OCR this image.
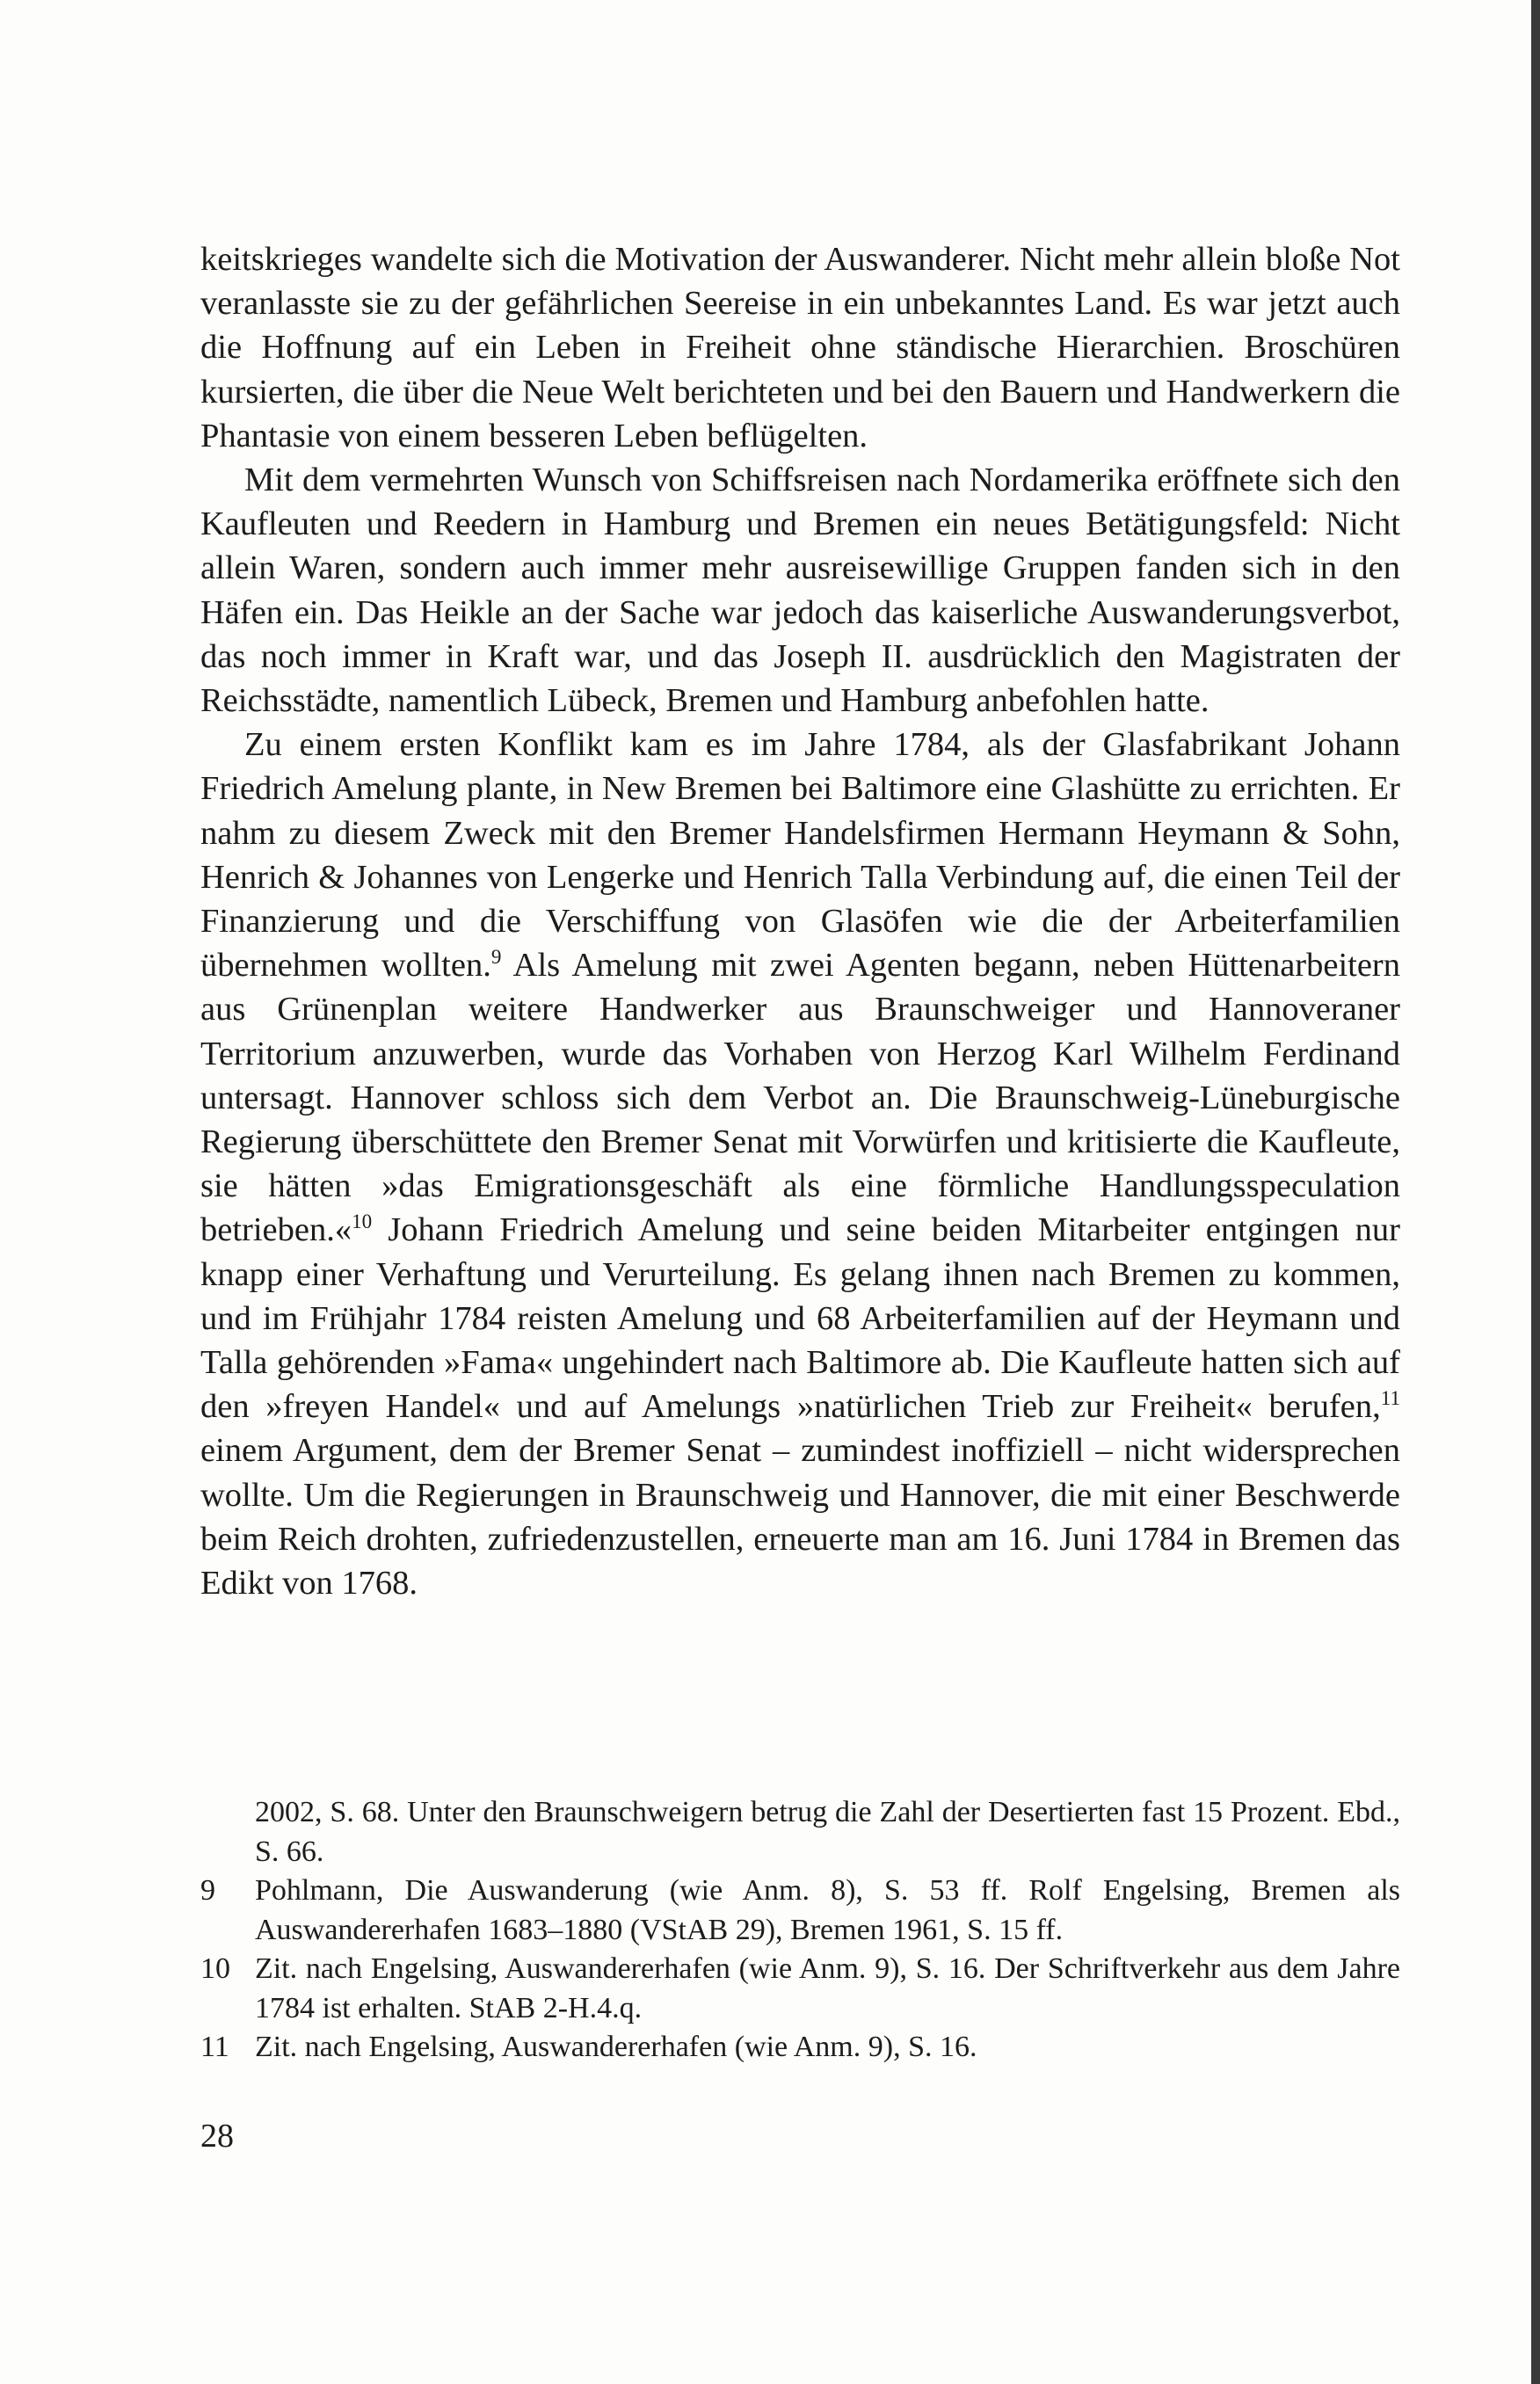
keitskrieges wandelte sich die Motivation der Auswanderer. Nicht mehr allein bloße Not veranlasste sie zu der gefährlichen Seereise in ein unbekanntes Land. Es war jetzt auch die Hoffnung auf ein Leben in Freiheit ohne ständische Hierarchien. Broschüren kursierten, die über die Neue Welt berichteten und bei den Bauern und Handwerkern die Phantasie von einem besseren Leben beflügelten.

Mit dem vermehrten Wunsch von Schiffsreisen nach Nordamerika eröffnete sich den Kaufleuten und Reedern in Hamburg und Bremen ein neues Betätigungsfeld: Nicht allein Waren, sondern auch immer mehr ausreisewillige Gruppen fanden sich in den Häfen ein. Das Heikle an der Sache war jedoch das kaiserliche Auswanderungsverbot, das noch immer in Kraft war, und das Joseph II. ausdrücklich den Magistraten der Reichsstädte, namentlich Lübeck, Bremen und Hamburg anbefohlen hatte.

Zu einem ersten Konflikt kam es im Jahre 1784, als der Glasfabrikant Johann Friedrich Amelung plante, in New Bremen bei Baltimore eine Glashütte zu errichten. Er nahm zu diesem Zweck mit den Bremer Handelsfirmen Hermann Heymann & Sohn, Henrich & Johannes von Lengerke und Henrich Talla Verbindung auf, die einen Teil der Finanzierung und die Verschiffung von Glasöfen wie die der Arbeiterfamilien übernehmen wollten.$^9$ Als Amelung mit zwei Agenten begann, neben Hüttenarbeitern aus Grünenplan weitere Handwerker aus Braunschweiger und Hannoveraner Territorium anzuwerben, wurde das Vorhaben von Herzog Karl Wilhelm Ferdinand untersagt. Hannover schloss sich dem Verbot an. Die Braunschweig-Lüneburgische Regierung überschüttete den Bremer Senat mit Vorwürfen und kritisierte die Kaufleute, sie hätten »das Emigrationsgeschäft als eine förmliche Handlungsspeculation betrieben.«$^{10}$ Johann Friedrich Amelung und seine beiden Mitarbeiter entgingen nur knapp einer Verhaftung und Verurteilung. Es gelang ihnen nach Bremen zu kommen, und im Frühjahr 1784 reisten Amelung und 68 Arbeiterfamilien auf der Heymann und Talla gehörenden »Fama« ungehindert nach Baltimore ab. Die Kaufleute hatten sich auf den »freyen Handel« und auf Amelungs »natürlichen Trieb zur Freiheit« berufen,$^{11}$ einem Argument, dem der Bremer Senat – zumindest inoffiziell – nicht widersprechen wollte. Um die Regierungen in Braunschweig und Hannover, die mit einer Beschwerde beim Reich drohten, zufriedenzustellen, erneuerte man am 16. Juni 1784 in Bremen das Edikt von 1768.

2002, S. 68. Unter den Braunschweigern betrug die Zahl der Desertierten fast 15 Prozent. Ebd., S. 66.
9	Pohlmann, Die Auswanderung (wie Anm. 8), S. 53 ff. Rolf Engelsing, Bremen als Auswandererhafen 1683–1880 (VStAB 29), Bremen 1961, S. 15 ff.
10 Zit. nach Engelsing, Auswandererhafen (wie Anm. 9), S. 16. Der Schriftverkehr aus dem Jahre 1784 ist erhalten. StAB 2-H.4.q.
11 Zit. nach Engelsing, Auswandererhafen (wie Anm. 9), S. 16.
28
